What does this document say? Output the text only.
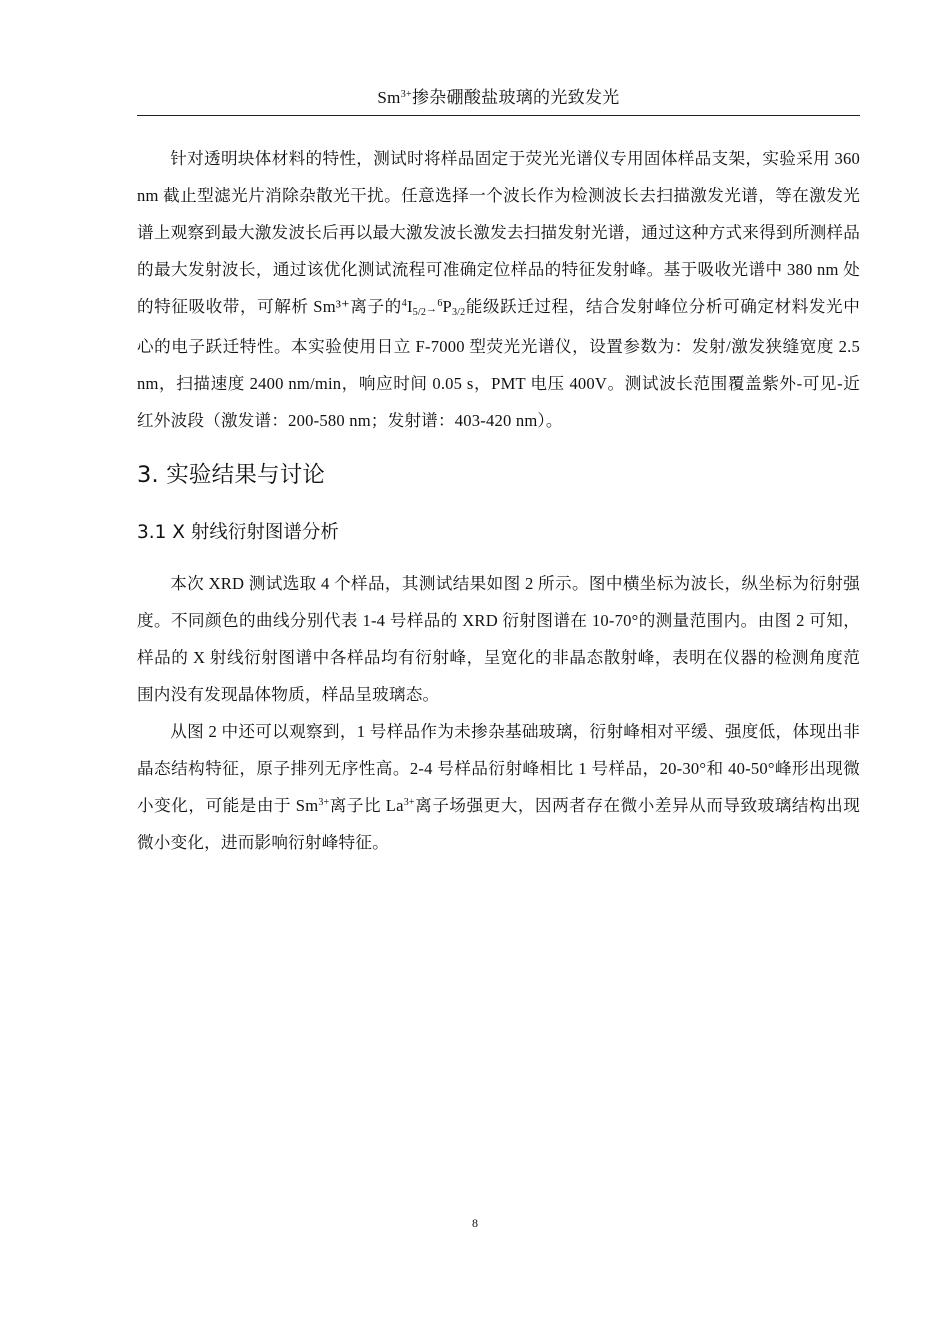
$Sm^{3+}$掺杂硼酸盐玻璃的光致发光

针对透明块体材料的特性，测试时将样品固定于荧光光谱仪专用固体样品支架，实验采用 360 nm 截止型滤光片消除杂散光干扰。任意选择一个波长作为检测波长去扫描激发光谱，等在激发光谱上观察到最大激发波长后再以最大激发波长激发去扫描发射光谱，通过这种方式来得到所测样品的最大发射波长，通过该优化测试流程可准确定位样品的特征发射峰。基于吸收光谱中 380 nm 处的特征吸收带，可解析 Sm³⁺离子的$^4I_{5/2}\to^6P_{3/2}$能级跃迁过程，结合发射峰位分析可确定材料发光中心的电子跃迁特性。本实验使用日立 F-7000 型荧光光谱仪，设置参数为：发射/激发狭缝宽度 2.5 nm，扫描速度 2400 nm/min，响应时间 0.05 s，PMT 电压 400V。测试波长范围覆盖紫外-可见-近红外波段（激发谱：200-580 nm；发射谱：403-420 nm）。

3. 实验结果与讨论
3.1 X 射线衍射图谱分析

本次 XRD 测试选取 4 个样品，其测试结果如图 2 所示。图中横坐标为波长，纵坐标为衍射强度。不同颜色的曲线分别代表 1-4 号样品的 XRD 衍射图谱在 10-70°的测量范围内。由图 2 可知，样品的 X 射线衍射图谱中各样品均有衍射峰，呈宽化的非晶态散射峰，表明在仪器的检测角度范围内没有发现晶体物质，样品呈玻璃态。

从图 2 中还可以观察到，1 号样品作为未掺杂基础玻璃，衍射峰相对平缓、强度低，体现出非晶态结构特征，原子排列无序性高。2-4 号样品衍射峰相比 1 号样品，20-30°和 40-50°峰形出现微小变化，可能是由于 $Sm^{3+}$离子比 $La^{3+}$离子场强更大，因两者存在微小差异从而导致玻璃结构出现微小变化，进而影响衍射峰特征。

8
